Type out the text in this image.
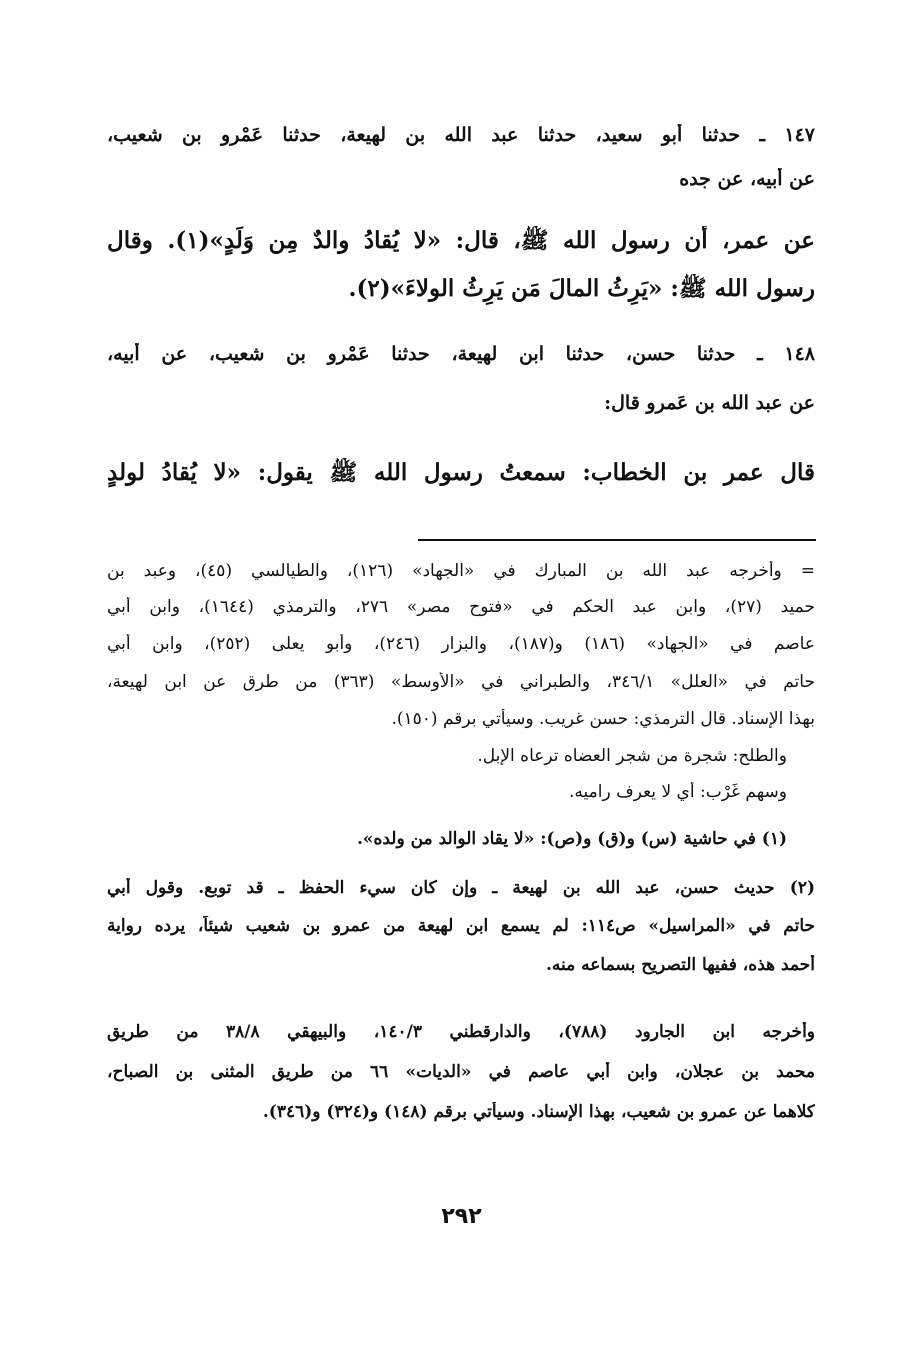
١٤٧ ـ حدثنا أبو سعيد، حدثنا عبد الله بن لهيعة، حدثنا عَمْرو بن شعيب،
عن أبيه، عن جده
عن عمر، أن رسول الله ﷺ، قال: «لا يُقادُ والدٌ مِن وَلَدٍ»(١). وقال
رسول الله ﷺ: «يَرِثُ المالَ مَن يَرِثُ الولاءَ»(٢).
١٤٨ ـ حدثنا حسن، حدثنا ابن لهيعة، حدثنا عَمْرو بن شعيب، عن أبيه،
عن عبد الله بن عَمرو قال:
قال عمر بن الخطاب: سمعتُ رسول الله ﷺ يقول: «لا يُقادُ لولدٍ
= وأخرجه عبد الله بن المبارك في «الجهاد» (١٢٦)، والطيالسي (٤٥)، وعبد بن
حميد (٢٧)، وابن عبد الحكم في «فتوح مصر» ٢٧٦، والترمذي (١٦٤٤)، وابن أبي
عاصم في «الجهاد» (١٨٦) و(١٨٧)، والبزار (٢٤٦)، وأبو يعلى (٢٥٢)، وابن أبي
حاتم في «العلل» ٣٤٦/١، والطبراني في «الأوسط» (٣٦٣) من طرق عن ابن لهيعة،
بهذا الإسناد. قال الترمذي: حسن غريب. وسيأتي برقم (١٥٠).
والطلح: شجرة من شجر العضاه ترعاه الإبل.
وسهم غَرْب: أي لا يعرف راميه.
(١) في حاشية (س) و(ق) و(ص): «لا يقاد الوالد من ولده».
(٢) حديث حسن، عبد الله بن لهيعة ـ وإن كان سيء الحفظ ـ قد توبع. وقول أبي
حاتم في «المراسيل» ص١١٤: لم يسمع ابن لهيعة من عمرو بن شعيب شيئاً، يرده رواية
أحمد هذه، ففيها التصريح بسماعه منه.
وأخرجه ابن الجارود (٧٨٨)، والدارقطني ١٤٠/٣، والبيهقي ٣٨/٨ من طريق
محمد بن عجلان، وابن أبي عاصم في «الديات» ٦٦ من طريق المثنى بن الصباح،
كلاهما عن عمرو بن شعيب، بهذا الإسناد. وسيأتي برقم (١٤٨) و(٣٢٤) و(٣٤٦).
٢٩٢
